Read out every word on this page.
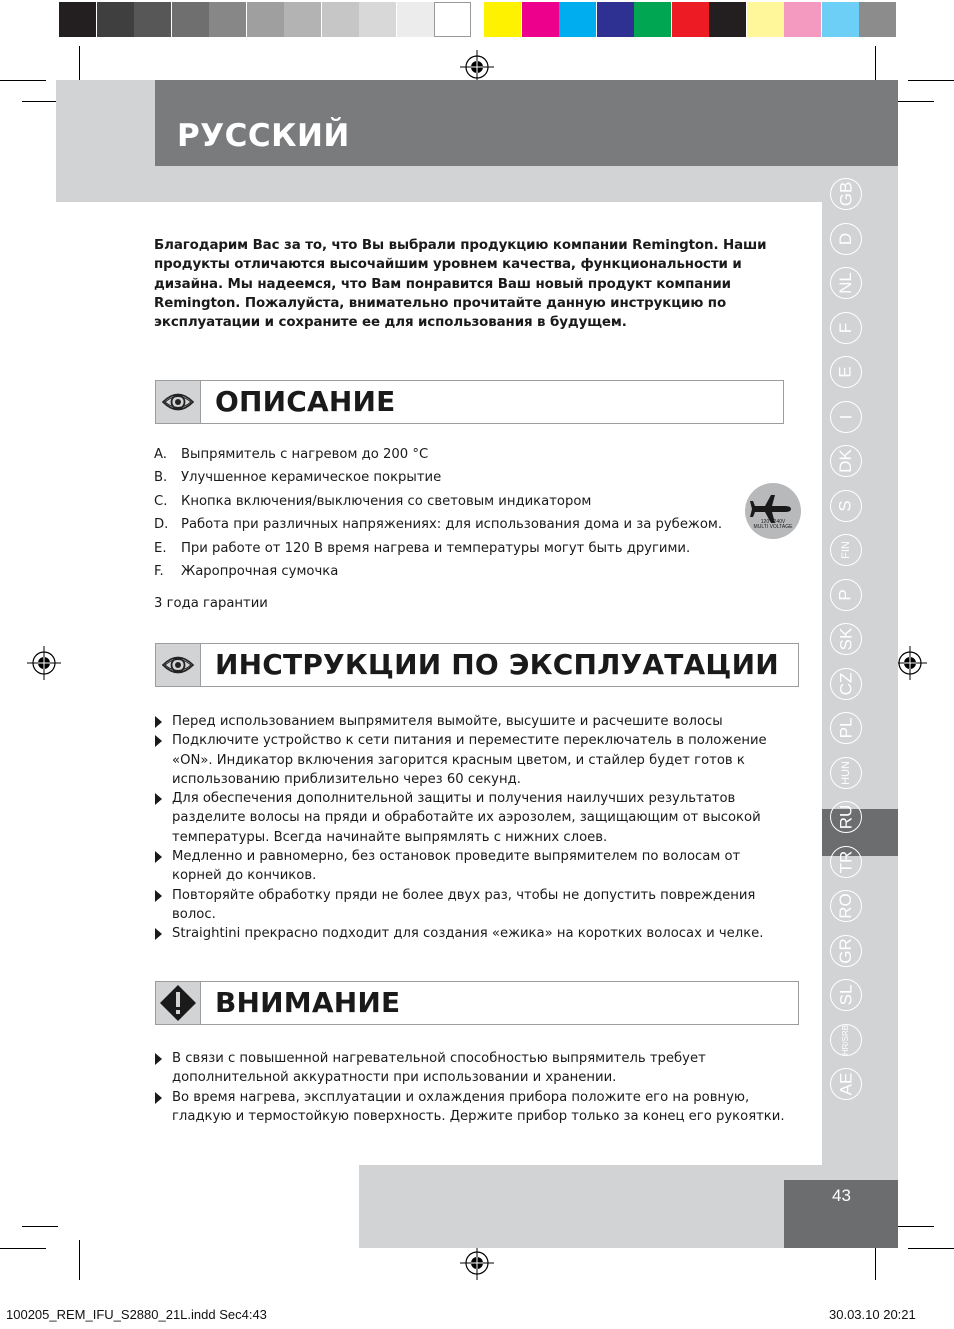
РУССКИЙ
GB
D
NL
F
E
I
DK
S
FIN
P
SK
CZ
PL
HUN
RU
TR
RO
GR
SL
HR/SRB
AE
Благодарим Вас за то, что Вы выбрали продукцию компании Remington. Наши продукты отличаются высочайшим уровнем качества, функциональности и дизайна. Мы надеемся, что Вам понравится Ваш новый продукт компании Remington. Пожалуйста, внимательно прочитайте данную инструкцию по эксплуатации и сохраните ее для использования в будущем.
ОПИСАНИЕ
A. Выпрямитель с нагревом до 200 °C
B. Улучшенное керамическое покрытие
C. Кнопка включения/выключения со световым индикатором
D. Работа при различных напряжениях: для использования дома и за рубежом.
E. При работе от 120 В время нагрева и температуры могут быть другими.
F. Жаропрочная сумочка
120 - 240V
MULTI VOLTAGE
3 года гарантии
ИНСТРУКЦИИ ПО ЭКСПЛУАТАЦИИ
Перед использованием выпрямителя вымойте, высушите и расчешите волосы
Подключите устройство к сети питания и переместите переключатель в положение «ON». Индикатор включения загорится красным цветом, и стайлер будет готов к использованию приблизительно через 60 секунд.
Для обеспечения дополнительной защиты и получения наилучших результатов разделите волосы на пряди и обработайте их аэрозолем, защищающим от высокой температуры. Всегда начинайте выпрямлять с нижних слоев.
Медленно и равномерно, без остановок проведите выпрямителем по волосам от корней до кончиков.
Повторяйте обработку пряди не более двух раз, чтобы не допустить повреждения волос.
Straightini прекрасно подходит для создания «ежика» на коротких волосах и челке.
ВНИМАНИЕ
В связи с повышенной нагревательной способностью выпрямитель требует дополнительной аккуратности при использовании и хранении.
Во время нагрева, эксплуатации и охлаждения прибора положите его на ровную, гладкую и термостойкую поверхность. Держите прибор только за конец его рукоятки.
43
100205_REM_IFU_S2880_21L.indd Sec4:43	30.03.10 20:21
